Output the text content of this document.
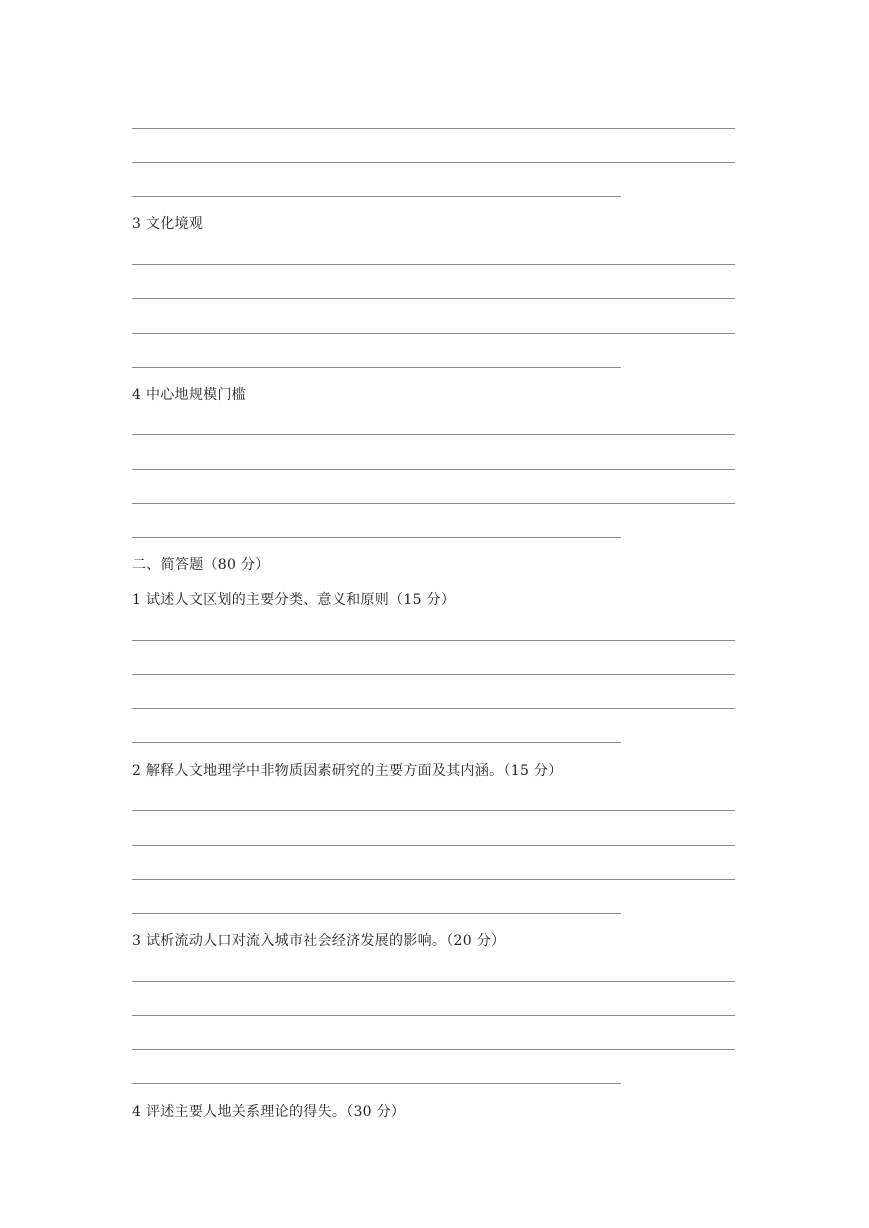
3 文化境观
4 中心地规模门槛
二、简答题（80 分）
1 试述人文区划的主要分类、意义和原则（15 分）
2 解释人文地理学中非物质因素研究的主要方面及其内涵。（15 分）
3 试析流动人口对流入城市社会经济发展的影响。（20 分）
4 评述主要人地关系理论的得失。（30 分）
